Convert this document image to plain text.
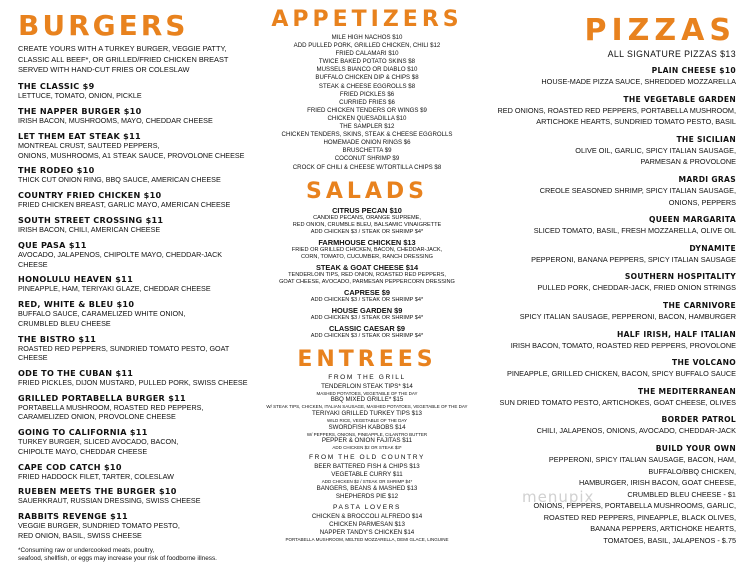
BURGERS
CREATE YOURS WITH A TURKEY BURGER, VEGGIE PATTY,
CLASSIC ALL BEEF*, OR GRILLED/FRIED CHICKEN BREAST
SERVED WITH HAND-CUT FRIES OR COLESLAW
THE CLASSIC $9
LETTUCE, TOMATO, ONION, PICKLE
THE NAPPER BURGER $10
IRISH BACON, MUSHROOMS, MAYO, CHEDDAR CHEESE
LET THEM EAT STEAK $11
MONTREAL CRUST, SAUTEED PEPPERS,
ONIONS, MUSHROOMS, A1 STEAK SAUCE, PROVOLONE CHEESE
THE RODEO $10
THICK CUT ONION RING, BBQ SAUCE, AMERICAN CHEESE
COUNTRY FRIED CHICKEN $10
FRIED CHICKEN BREAST, GARLIC MAYO, AMERICAN CHEESE
SOUTH STREET CROSSING $11
IRISH BACON, CHILI, AMERICAN CHEESE
QUE PASA $11
AVOCADO, JALAPENOS, CHIPOLTE MAYO, CHEDDAR-JACK CHEESE
HONOLULU HEAVEN $11
PINEAPPLE, HAM, TERIYAKI GLAZE, CHEDDAR CHEESE
RED, WHITE & BLEU $10
BUFFALO SAUCE, CARAMELIZED WHITE ONION,
CRUMBLED BLEU CHEESE
THE BISTRO $11
ROASTED RED PEPPERS, SUNDRIED TOMATO PESTO, GOAT CHEESE
ODE TO THE CUBAN $11
FRIED PICKLES, DIJON MUSTARD, PULLED PORK, SWISS CHEESE
GRILLED PORTABELLA BURGER $11
PORTABELLA MUSHROOM, ROASTED RED PEPPERS,
CARAMELIZED ONION, PROVOLONE CHEESE
GOING TO CALIFORNIA $11
TURKEY BURGER, SLICED AVOCADO, BACON,
CHIPOLTE MAYO, CHEDDAR CHEESE
CAPE COD CATCH $10
FRIED HADDOCK FILET, TARTER, COLESLAW
RUEBEN MEETS THE BURGER $10
SAUERKRAUT, RUSSIAN DRESSING, SWISS CHEESE
RABBITS REVENGE $11
VEGGIE BURGER, SUNDRIED TOMATO PESTO,
RED ONION, BASIL, SWISS CHEESE
*Consuming raw or undercooked meats, poultry,
seafood, shellfish, or eggs may increase your risk of foodborne illness.
APPETIZERS
MILE HIGH NACHOS $10
ADD PULLED PORK, GRILLED CHICKEN, CHILI $12
FRIED CALAMARI $10
TWICE BAKED POTATO SKINS $8
MUSSELS BIANCO OR DIABLO $10
BUFFALO CHICKEN DIP & CHIPS $8
STEAK & CHEESE EGGROLLS $8
FRIED PICKLES $6
CURRIED FRIES $6
FRIED CHICKEN TENDERS OR WINGS $9
CHICKEN QUESADILLA $10
THE SAMPLER $12
CHICKEN TENDERS, SKINS, STEAK & CHEESE EGGROLLS
HOMEMADE ONION RINGS $6
BRUSCHETTA $9
COCONUT SHRIMP $9
CROCK OF CHILI & CHEESE W/TORTILLA CHIPS $8
SALADS
CITRUS PECAN $10
CANDIED PECANS, ORANGE SUPREME,
RED ONION, CRUMBLE BLEU, BALSAMIC VINAIGRETTE
ADD CHICKEN $3 / STEAK OR SHRIMP $4*
FARMHOUSE CHICKEN $13
FRIED OR GRILLED CHICKEN, BACON, CHEDDAR-JACK,
CORN, TOMATO, CUCUMBER, RANCH DRESSING
STEAK & GOAT CHEESE $14
TENDERLOIN TIPS, RED ONION, ROASTED RED PEPPERS,
GOAT CHEESE, AVOCADO, PARMESAN PEPPERCORN DRESSING
CAPRESE $9
ADD CHICKEN $3 / STEAK OR SHRIMP $4*
HOUSE GARDEN $9
ADD CHICKEN $3 / STEAK OR SHRIMP $4*
CLASSIC CAESAR $9
ADD CHICKEN $3 / STEAK OR SHRIMP $4*
ENTREES
FROM THE GRILL
TENDERLOIN STEAK TIPS* $14
MASHED POTATOES, VEGETABLE OF THE DAY
BBQ MIXED GRILLE* $15
W/ STEAK TIPS, CHICKEN, ITALIAN SAUSAGE, MASHED POTATOES, VEGETABLE OF THE DAY
TERIYAKI GRILLED TURKEY TIPS $13
WILD RICE, VEGETABLE OF THE DAY
SWORDFISH KABOBS $14
W/ PEPPERS, ONIONS, PINEAPPLE, CILANTRO BUTTER
PEPPER & ONION FAJITAS $11
ADD CHICKEN $2 OR STEAK $3*
FROM THE OLD COUNTRY
BEER BATTERED FISH & CHIPS $13
VEGETABLE CURRY $11
ADD CHICKEN $2 / STEAK OR SHRIMP $4*
BANGERS, BEANS & MASHED $13
SHEPHERDS PIE $12
PASTA LOVERS
CHICKEN & BROCCOLI ALFREDO $14
CHICKEN PARMESAN $13
NAPPER TANDY'S CHICKEN $14
PORTABELLA MUSHROOM, MELTED MOZZARELLA, DEMI GLACE, LINGUINE
PIZZAS
ALL SIGNATURE PIZZAS $13
PLAIN CHEESE $10
HOUSE-MADE PIZZA SAUCE, SHREDDED MOZZARELLA
THE VEGETABLE GARDEN
RED ONIONS, ROASTED RED PEPPERS, PORTABELLA MUSHROOM,
ARTICHOKE HEARTS, SUNDRIED TOMATO PESTO, BASIL
THE SICILIAN
OLIVE OIL, GARLIC, SPICY ITALIAN SAUSAGE,
PARMESAN & PROVOLONE
MARDI GRAS
CREOLE SEASONED SHRIMP, SPICY ITALIAN SAUSAGE,
ONIONS, PEPPERS
QUEEN MARGARITA
SLICED TOMATO, BASIL, FRESH MOZZARELLA, OLIVE OIL
DYNAMITE
PEPPERONI, BANANA PEPPERS, SPICY ITALIAN SAUSAGE
SOUTHERN HOSPITALITY
PULLED PORK, CHEDDAR-JACK, FRIED ONION STRINGS
THE CARNIVORE
SPICY ITALIAN SAUSAGE, PEPPERONI, BACON, HAMBURGER
HALF IRISH, HALF ITALIAN
IRISH BACON, TOMATO, ROASTED RED PEPPERS, PROVOLONE
THE VOLCANO
PINEAPPLE, GRILLED CHICKEN, BACON, SPICY BUFFALO SAUCE
THE MEDITERRANEAN
SUN DRIED TOMATO PESTO, ARTICHOKES, GOAT CHEESE, OLIVES
BORDER PATROL
CHILI, JALAPENOS, ONIONS, AVOCADO, CHEDDAR-JACK
BUILD YOUR OWN
PEPPERONI, SPICY ITALIAN SAUSAGE, BACON, HAM,
BUFFALO/BBQ CHICKEN,
HAMBURGER, IRISH BACON, GOAT CHEESE,
CRUMBLED BLEU CHEESE - $1
ONIONS, PEPPERS, PORTABELLA MUSHROOMS, GARLIC,
ROASTED RED PEPPERS, PINEAPPLE, BLACK OLIVES,
BANANA PEPPERS, ARTICHOKE HEARTS,
TOMATOES, BASIL, JALAPENOS - $.75
menupix
